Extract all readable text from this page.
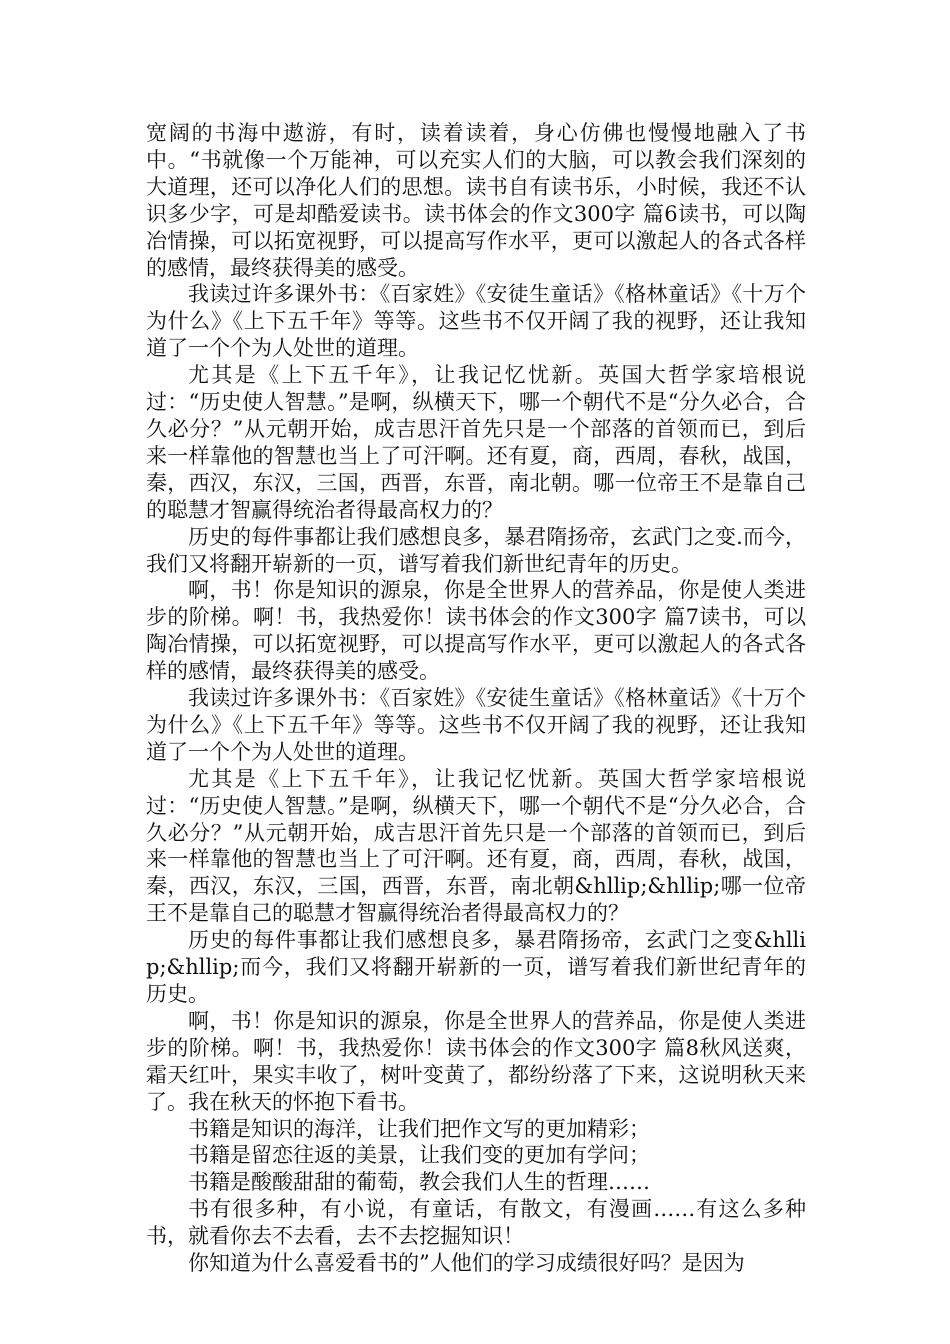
宽阔的书海中遨游，有时，读着读着，身心仿佛也慢慢地融入了书中。“书就像一个万能神，可以充实人们的大脑，可以教会我们深刻的大道理，还可以净化人们的思想。读书自有读书乐，小时候，我还不认识多少字，可是却酷爱读书。读书体会的作文300字 篇6读书，可以陶冶情操，可以拓宽视野，可以提高写作水平，更可以激起人的各式各样的感情，最终获得美的感受。

我读过许多课外书：《百家姓》《安徒生童话》《格林童话》《十万个为什么》《上下五千年》等等。这些书不仅开阔了我的视野，还让我知道了一个个为人处世的道理。

尤其是《上下五千年》，让我记忆忧新。英国大哲学家培根说过：“历史使人智慧。”是啊，纵横天下，哪一个朝代不是“分久必合，合久必分？”从元朝开始，成吉思汗首先只是一个部落的首领而已，到后来一样靠他的智慧也当上了可汗啊。还有夏，商，西周，春秋，战国，秦，西汉，东汉，三国，西晋，东晋，南北朝。哪一位帝王不是靠自己的聪慧才智赢得统治者得最高权力的？

历史的每件事都让我们感想良多，暴君隋扬帝，玄武门之变.而今，我们又将翻开崭新的一页，谱写着我们新世纪青年的历史。

啊，书！你是知识的源泉，你是全世界人的营养品，你是使人类进步的阶梯。啊！书，我热爱你！读书体会的作文300字 篇7读书，可以陶冶情操，可以拓宽视野，可以提高写作水平，更可以激起人的各式各样的感情，最终获得美的感受。

我读过许多课外书：《百家姓》《安徒生童话》《格林童话》《十万个为什么》《上下五千年》等等。这些书不仅开阔了我的视野，还让我知道了一个个为人处世的道理。

尤其是《上下五千年》，让我记忆忧新。英国大哲学家培根说过：“历史使人智慧。”是啊，纵横天下，哪一个朝代不是“分久必合，合久必分？”从元朝开始，成吉思汗首先只是一个部落的首领而已，到后来一样靠他的智慧也当上了可汗啊。还有夏，商，西周，春秋，战国，秦，西汉，东汉，三国，西晋，东晋，南北朝&hllip;&hllip;哪一位帝王不是靠自己的聪慧才智赢得统治者得最高权力的？

历史的每件事都让我们感想良多，暴君隋扬帝，玄武门之变&hllip;&hllip;而今，我们又将翻开崭新的一页，谱写着我们新世纪青年的历史。

啊，书！你是知识的源泉，你是全世界人的营养品，你是使人类进步的阶梯。啊！书，我热爱你！读书体会的作文300字 篇8秋风送爽，霜天红叶，果实丰收了，树叶变黄了，都纷纷落了下来，这说明秋天来了。我在秋天的怀抱下看书。

书籍是知识的海洋，让我们把作文写的更加精彩；

书籍是留恋往返的美景，让我们变的更加有学问；

书籍是酸酸甜甜的葡萄，教会我们人生的哲理……

书有很多种，有小说，有童话，有散文，有漫画……有这么多种书，就看你去不去看，去不去挖掘知识！

你知道为什么喜爱看书的”人他们的学习成绩很好吗？是因为
